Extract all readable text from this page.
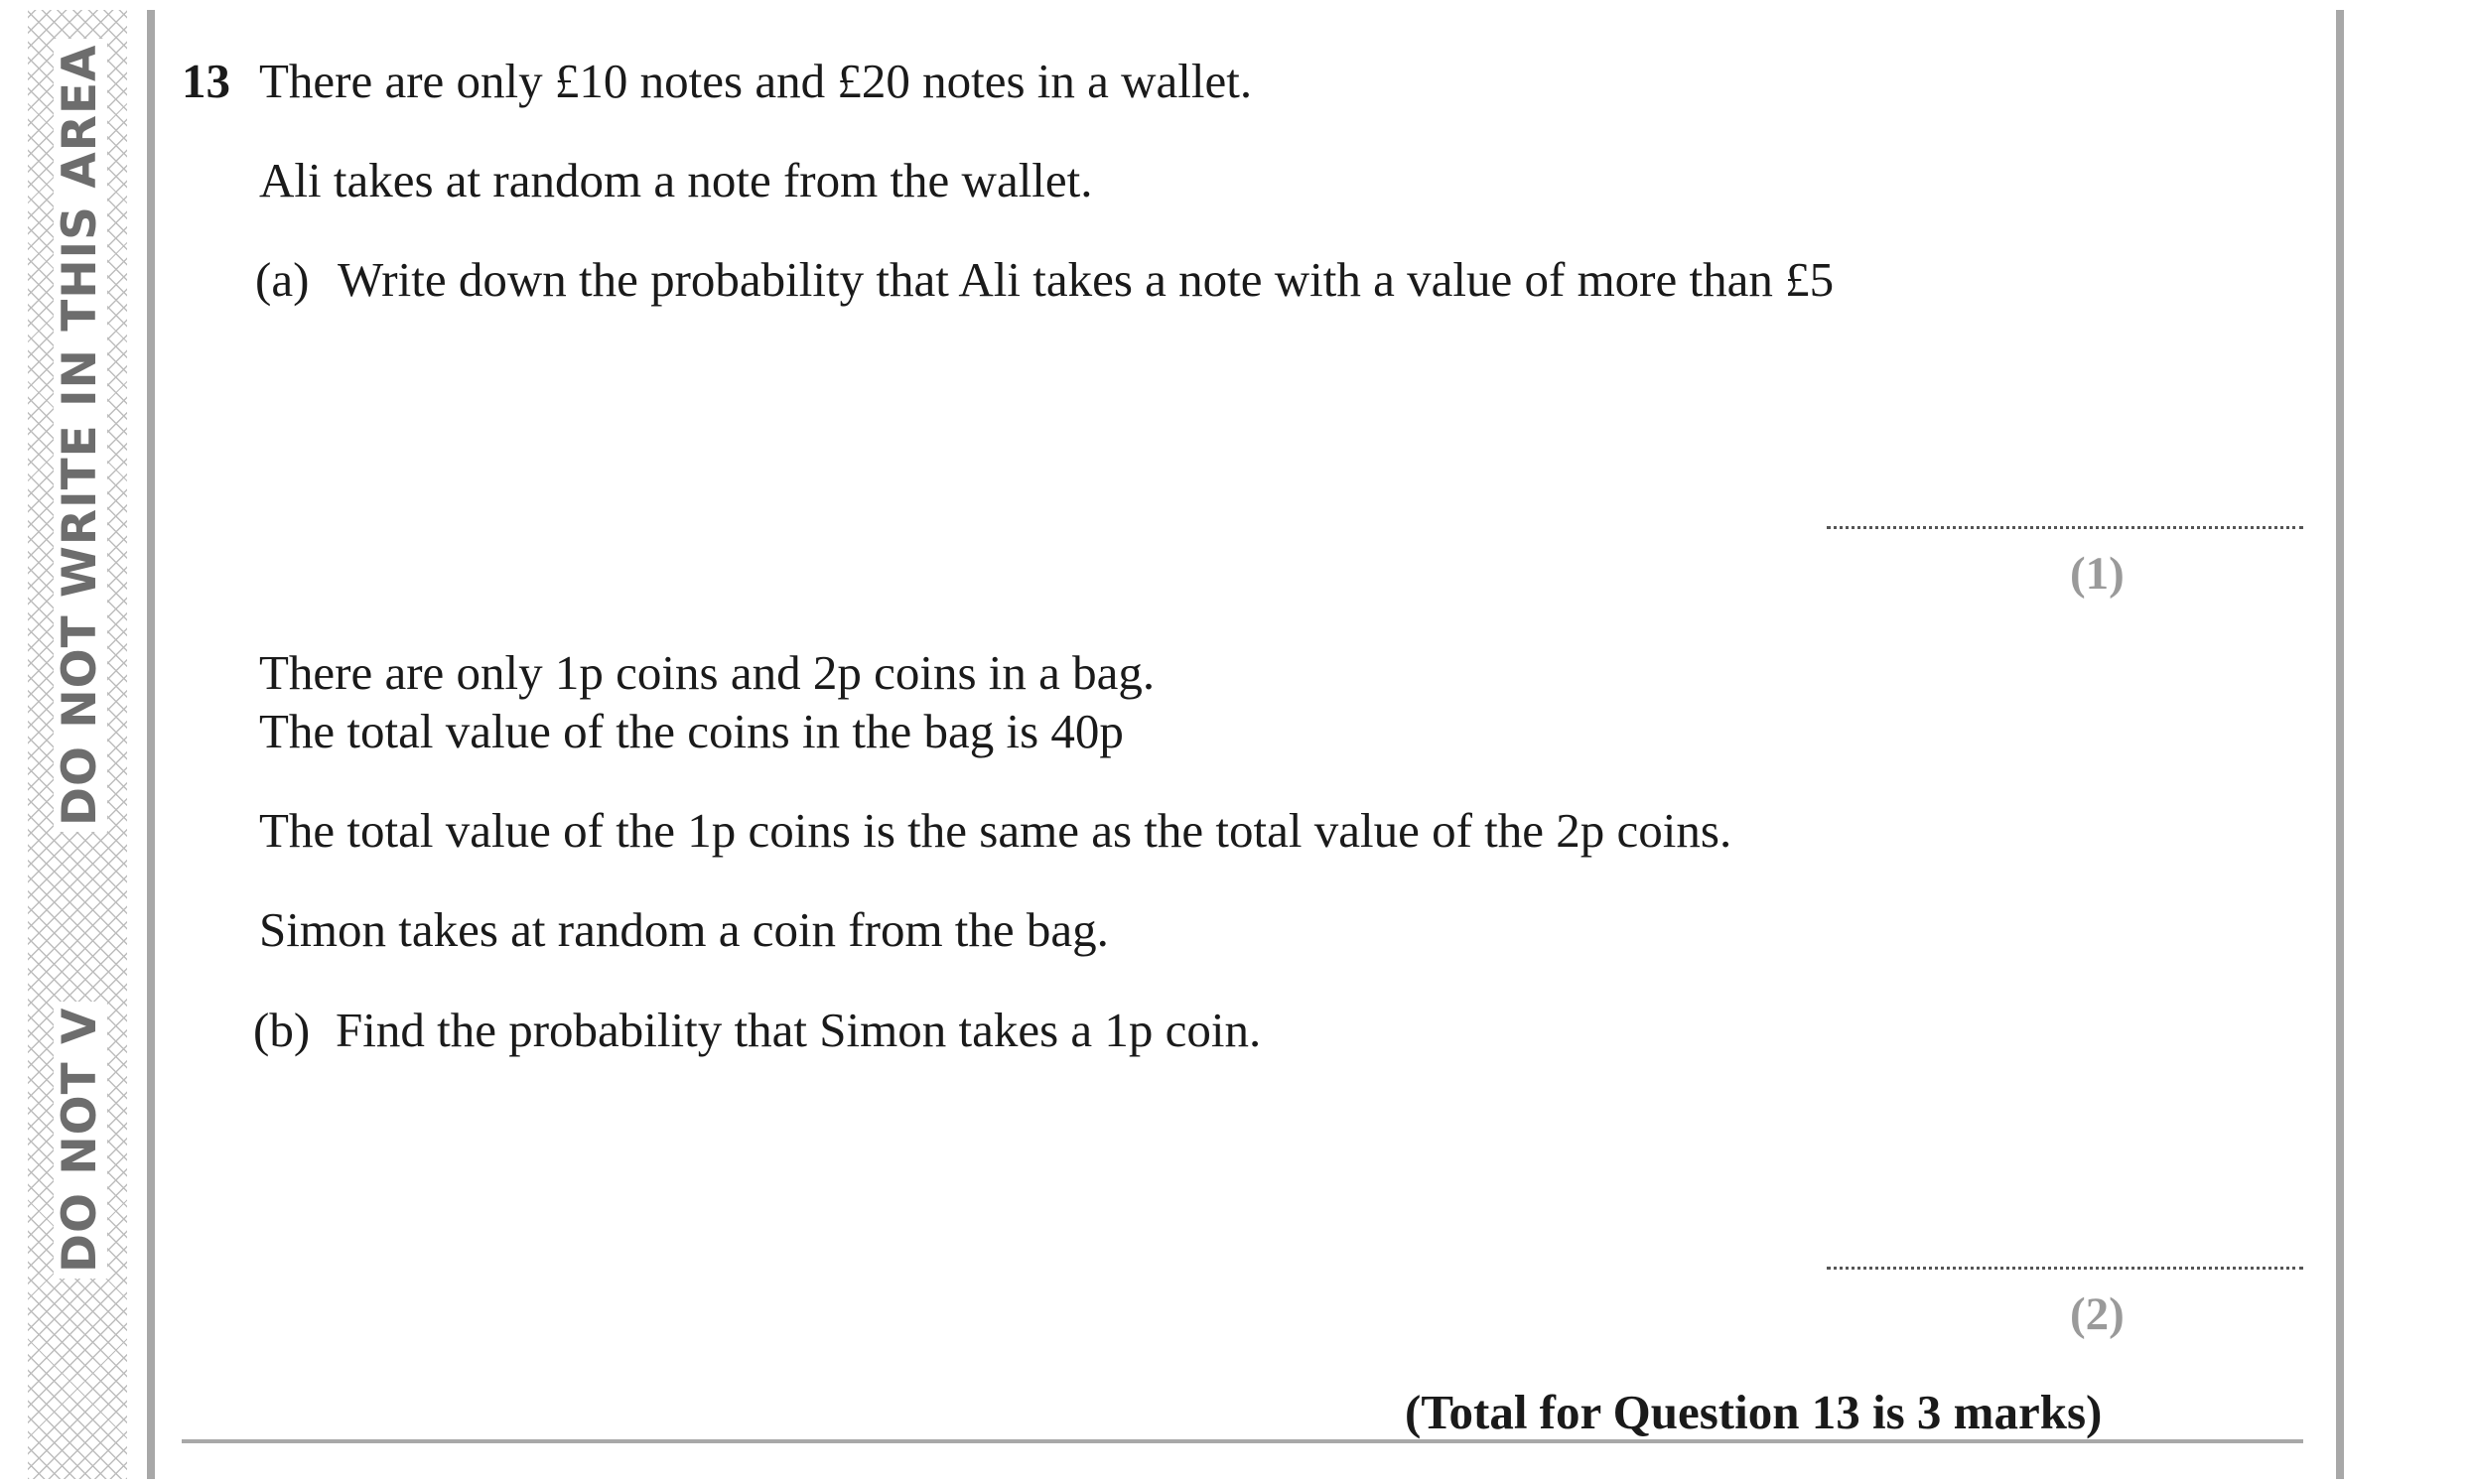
DO NOT WRITE IN THIS AREA
DO NOT V
13 There are only £10 notes and £20 notes in a wallet.
Ali takes at random a note from the wallet.
(a) Write down the probability that Ali takes a note with a value of more than £5
(1)
There are only 1p coins and 2p coins in a bag.
The total value of the coins in the bag is 40p
The total value of the 1p coins is the same as the total value of the 2p coins.
Simon takes at random a coin from the bag.
(b) Find the probability that Simon takes a 1p coin.
(2)
(Total for Question 13 is 3 marks)
